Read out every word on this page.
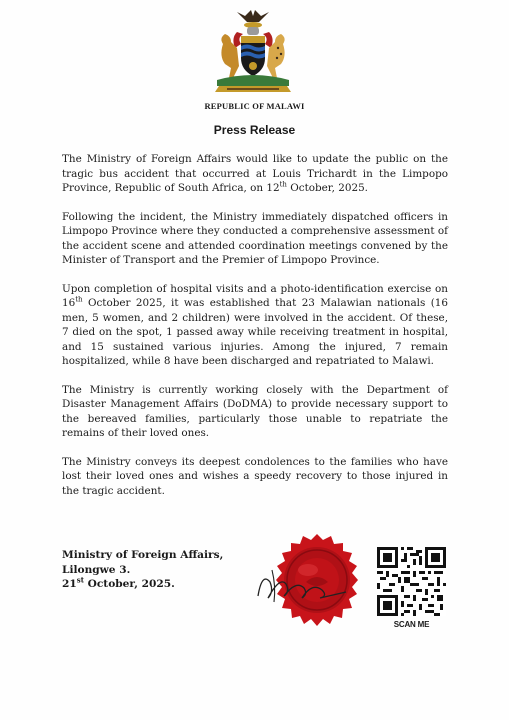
REPUBLIC OF MALAWI
Press Release

The Ministry of Foreign Affairs would like to update the public on the tragic bus accident that occurred at Louis Trichardt in the Limpopo Province, Republic of South Africa, on 12th October, 2025.

Following the incident, the Ministry immediately dispatched officers in Limpopo Province where they conducted a comprehensive assessment of the accident scene and attended coordination meetings convened by the Minister of Transport and the Premier of Limpopo Province.

Upon completion of hospital visits and a photo-identification exercise on 16th October 2025, it was established that 23 Malawian nationals (16 men, 5 women, and 2 children) were involved in the accident. Of these, 7 died on the spot, 1 passed away while receiving treatment in hospital, and 15 sustained various injuries. Among the injured, 7 remain hospitalized, while 8 have been discharged and repatriated to Malawi.

The Ministry is currently working closely with the Department of Disaster Management Affairs (DoDMA) to provide necessary support to the bereaved families, particularly those unable to repatriate the remains of their loved ones.

The Ministry conveys its deepest condolences to the families who have lost their loved ones and wishes a speedy recovery to those injured in the tragic accident.

Ministry of Foreign Affairs,
Lilongwe 3.
21st October, 2025.
SCAN ME
